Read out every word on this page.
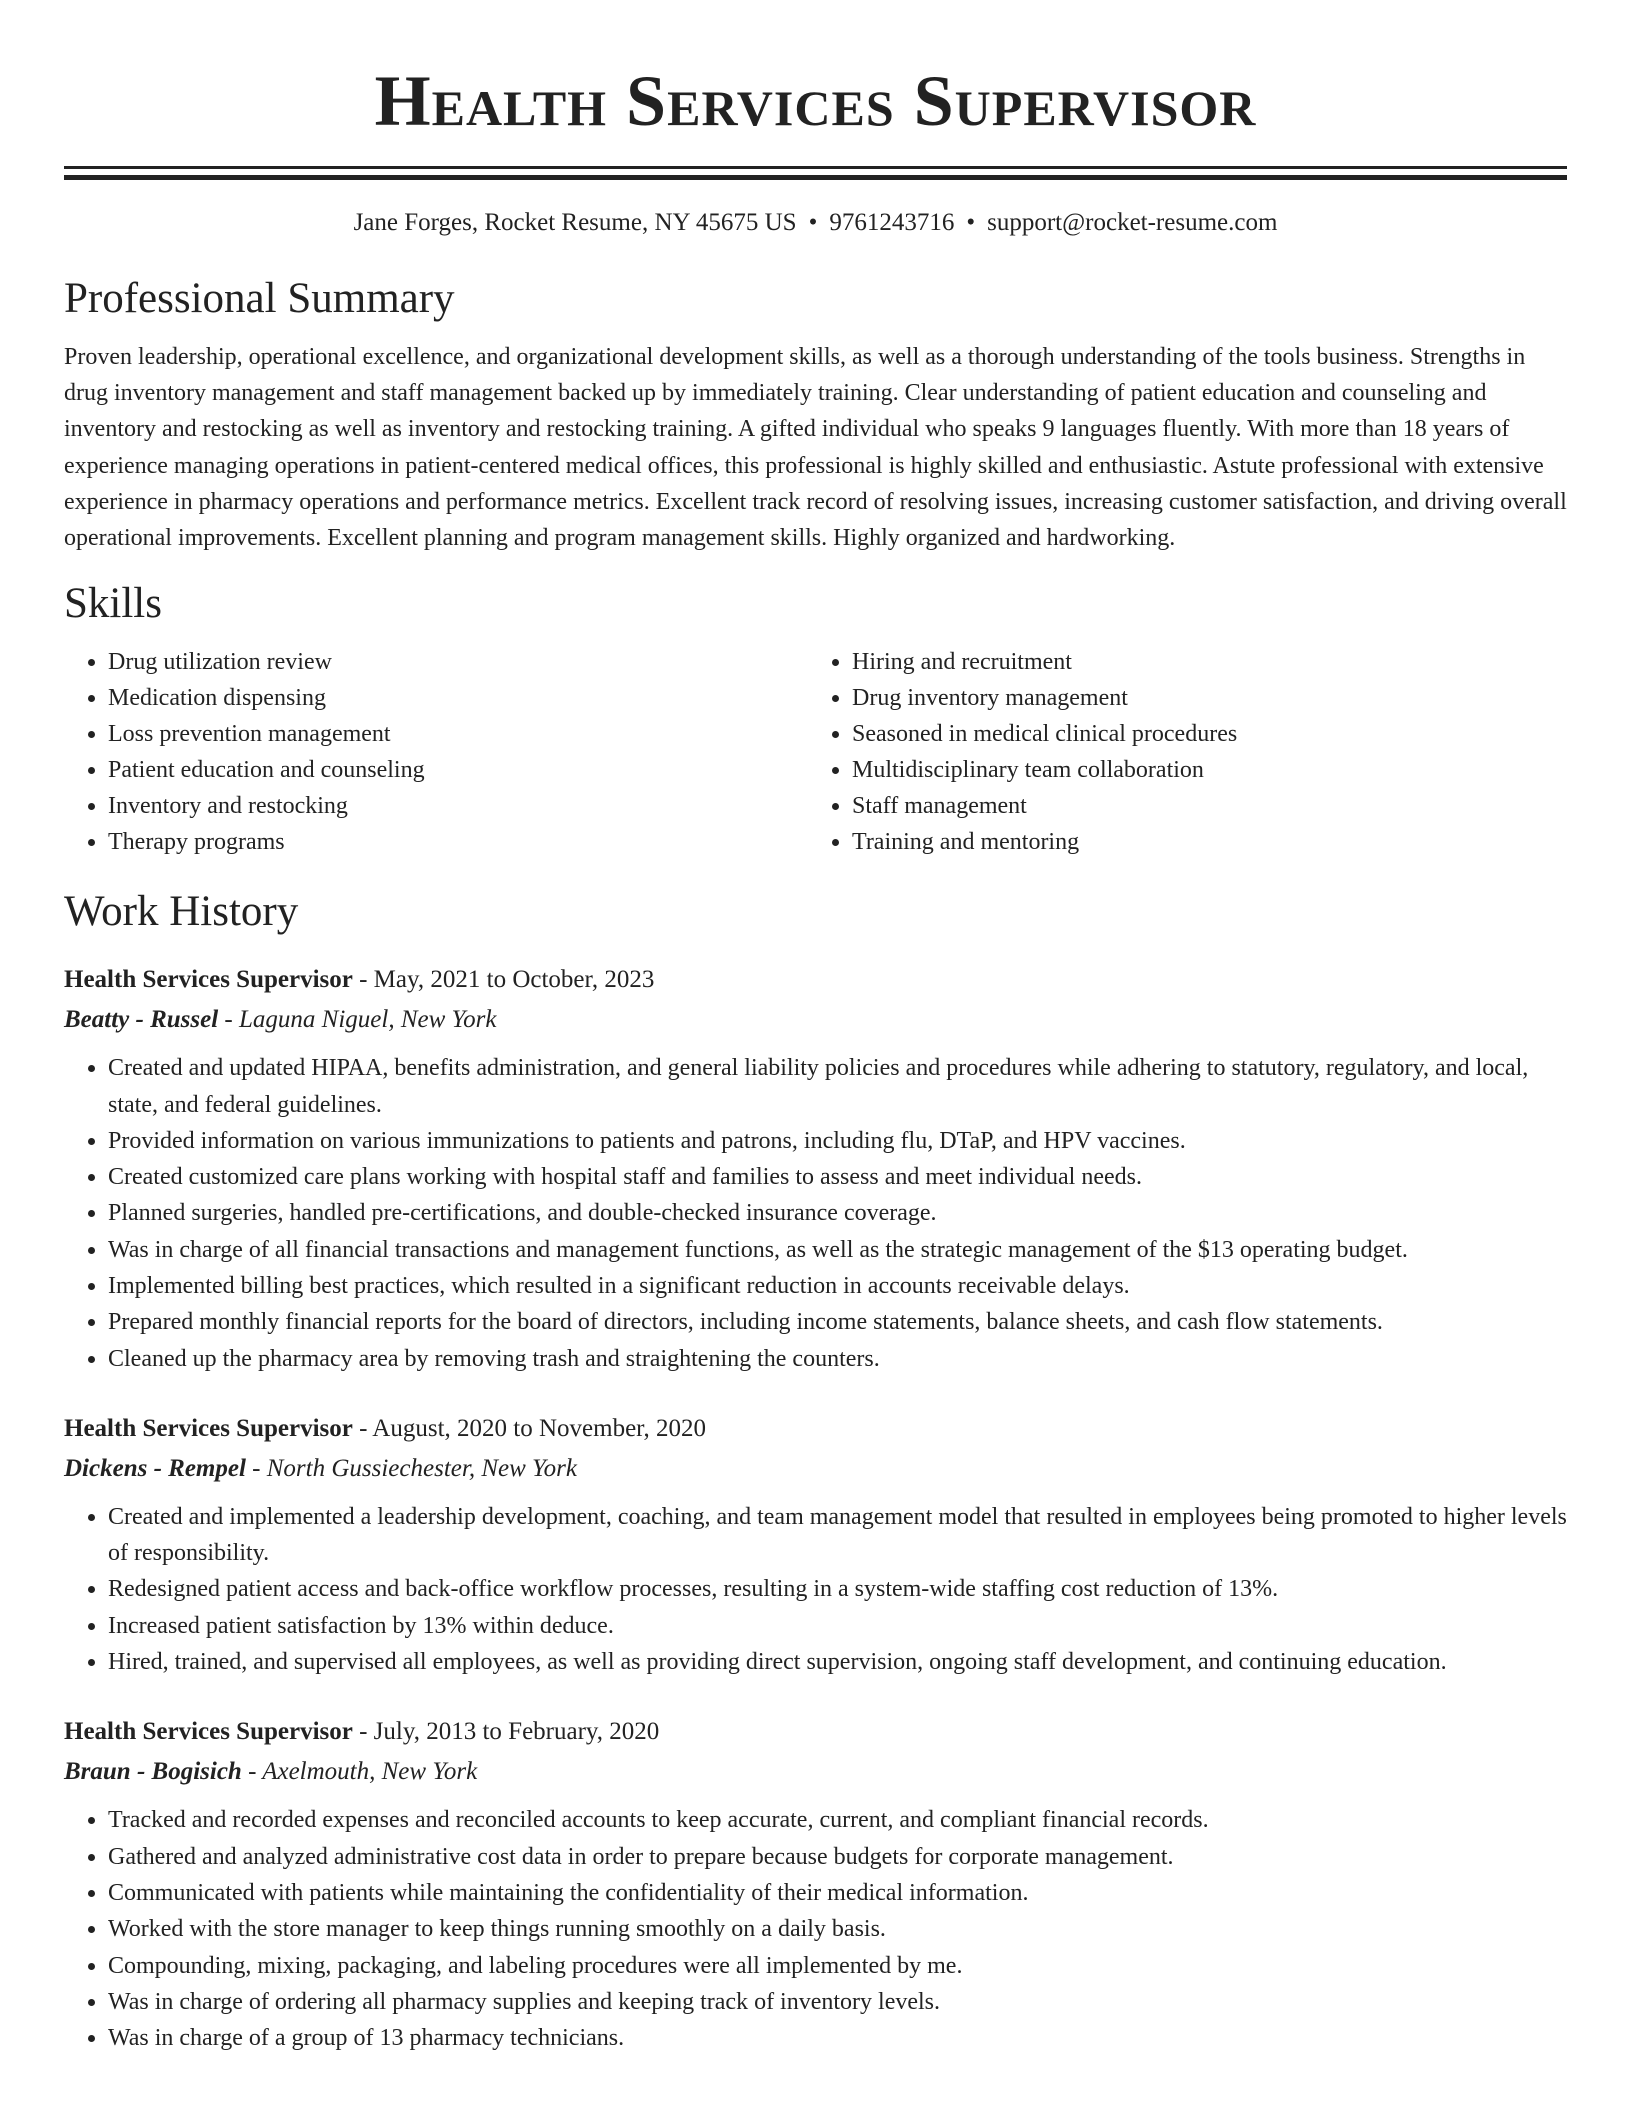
Health Services Supervisor
Jane Forges, Rocket Resume, NY 45675 US • 9761243716 • support@rocket-resume.com
Professional Summary
Proven leadership, operational excellence, and organizational development skills, as well as a thorough understanding of the tools business. Strengths in drug inventory management and staff management backed up by immediately training. Clear understanding of patient education and counseling and inventory and restocking as well as inventory and restocking training. A gifted individual who speaks 9 languages fluently. With more than 18 years of experience managing operations in patient-centered medical offices, this professional is highly skilled and enthusiastic. Astute professional with extensive experience in pharmacy operations and performance metrics. Excellent track record of resolving issues, increasing customer satisfaction, and driving overall operational improvements. Excellent planning and program management skills. Highly organized and hardworking.
Skills
• Drug utilization review
• Medication dispensing
• Loss prevention management
• Patient education and counseling
• Inventory and restocking
• Therapy programs
• Hiring and recruitment
• Drug inventory management
• Seasoned in medical clinical procedures
• Multidisciplinary team collaboration
• Staff management
• Training and mentoring
Work History
Health Services Supervisor - May, 2021 to October, 2023
Beatty - Russel - Laguna Niguel, New York
• Created and updated HIPAA, benefits administration, and general liability policies and procedures while adhering to statutory, regulatory, and local, state, and federal guidelines.
• Provided information on various immunizations to patients and patrons, including flu, DTaP, and HPV vaccines.
• Created customized care plans working with hospital staff and families to assess and meet individual needs.
• Planned surgeries, handled pre-certifications, and double-checked insurance coverage.
• Was in charge of all financial transactions and management functions, as well as the strategic management of the $13 operating budget.
• Implemented billing best practices, which resulted in a significant reduction in accounts receivable delays.
• Prepared monthly financial reports for the board of directors, including income statements, balance sheets, and cash flow statements.
• Cleaned up the pharmacy area by removing trash and straightening the counters.
Health Services Supervisor - August, 2020 to November, 2020
Dickens - Rempel - North Gussiechester, New York
• Created and implemented a leadership development, coaching, and team management model that resulted in employees being promoted to higher levels of responsibility.
• Redesigned patient access and back-office workflow processes, resulting in a system-wide staffing cost reduction of 13%.
• Increased patient satisfaction by 13% within deduce.
• Hired, trained, and supervised all employees, as well as providing direct supervision, ongoing staff development, and continuing education.
Health Services Supervisor - July, 2013 to February, 2020
Braun - Bogisich - Axelmouth, New York
• Tracked and recorded expenses and reconciled accounts to keep accurate, current, and compliant financial records.
• Gathered and analyzed administrative cost data in order to prepare because budgets for corporate management.
• Communicated with patients while maintaining the confidentiality of their medical information.
• Worked with the store manager to keep things running smoothly on a daily basis.
• Compounding, mixing, packaging, and labeling procedures were all implemented by me.
• Was in charge of ordering all pharmacy supplies and keeping track of inventory levels.
• Was in charge of a group of 13 pharmacy technicians.
